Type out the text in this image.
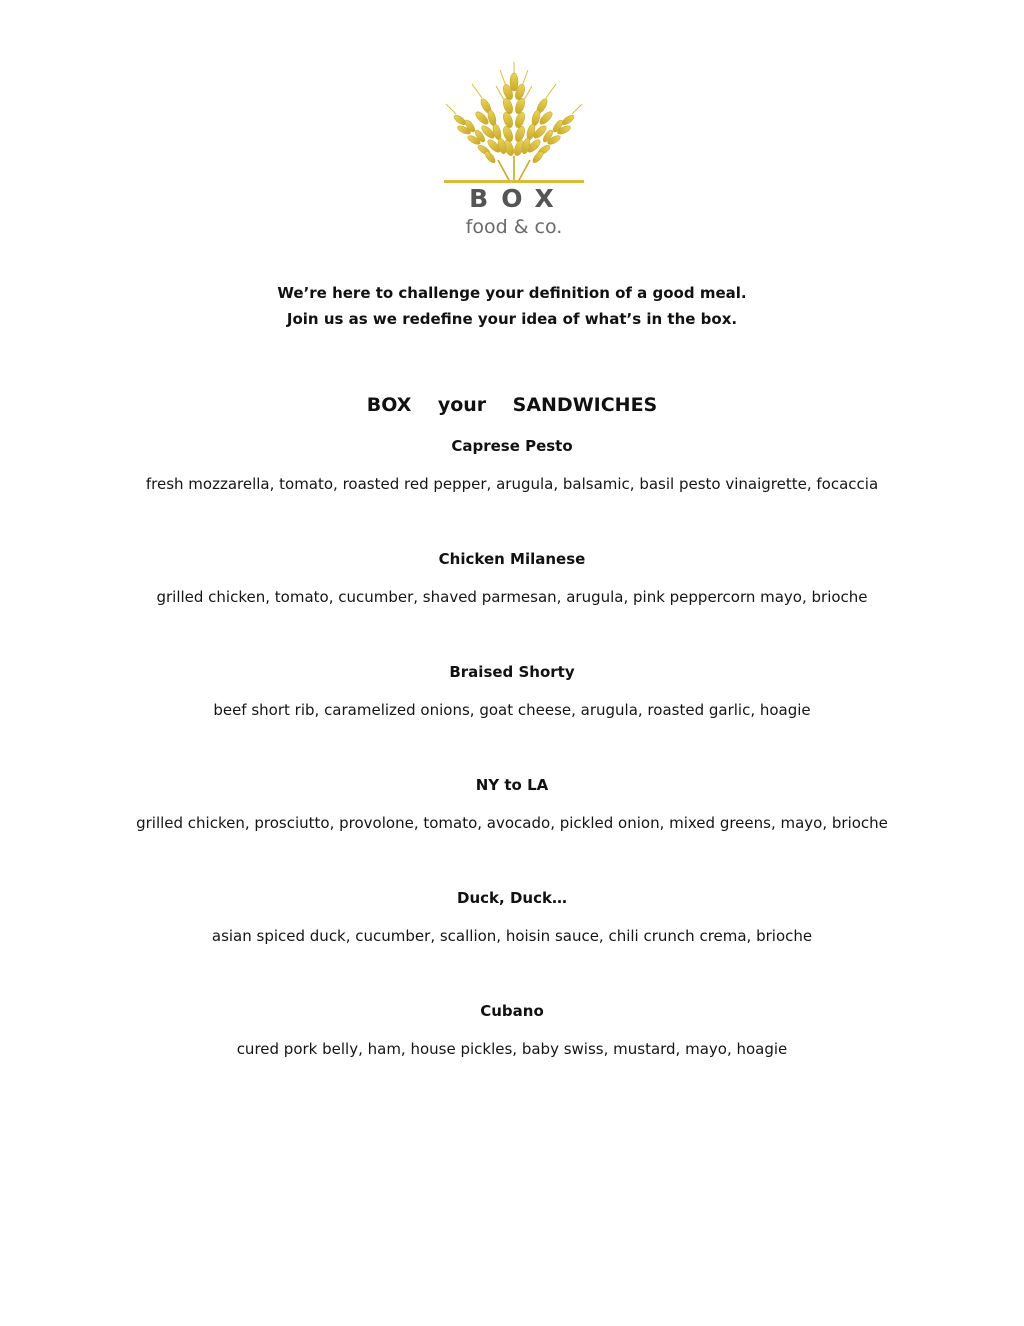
BOX
food & co.
We’re here to challenge your definition of a good meal.
Join us as we redefine your idea of what’s in the box.
BOX your SANDWICHES
Caprese Pesto
fresh mozzarella, tomato, roasted red pepper, arugula, balsamic, basil pesto vinaigrette, focaccia
Chicken Milanese
grilled chicken, tomato, cucumber, shaved parmesan, arugula, pink peppercorn mayo, brioche
Braised Shorty
beef short rib, caramelized onions, goat cheese, arugula, roasted garlic, hoagie
NY to LA
grilled chicken, prosciutto, provolone, tomato, avocado, pickled onion, mixed greens, mayo, brioche
Duck, Duck…
asian spiced duck, cucumber, scallion, hoisin sauce, chili crunch crema, brioche
Cubano
cured pork belly, ham, house pickles, baby swiss, mustard, mayo, hoagie
